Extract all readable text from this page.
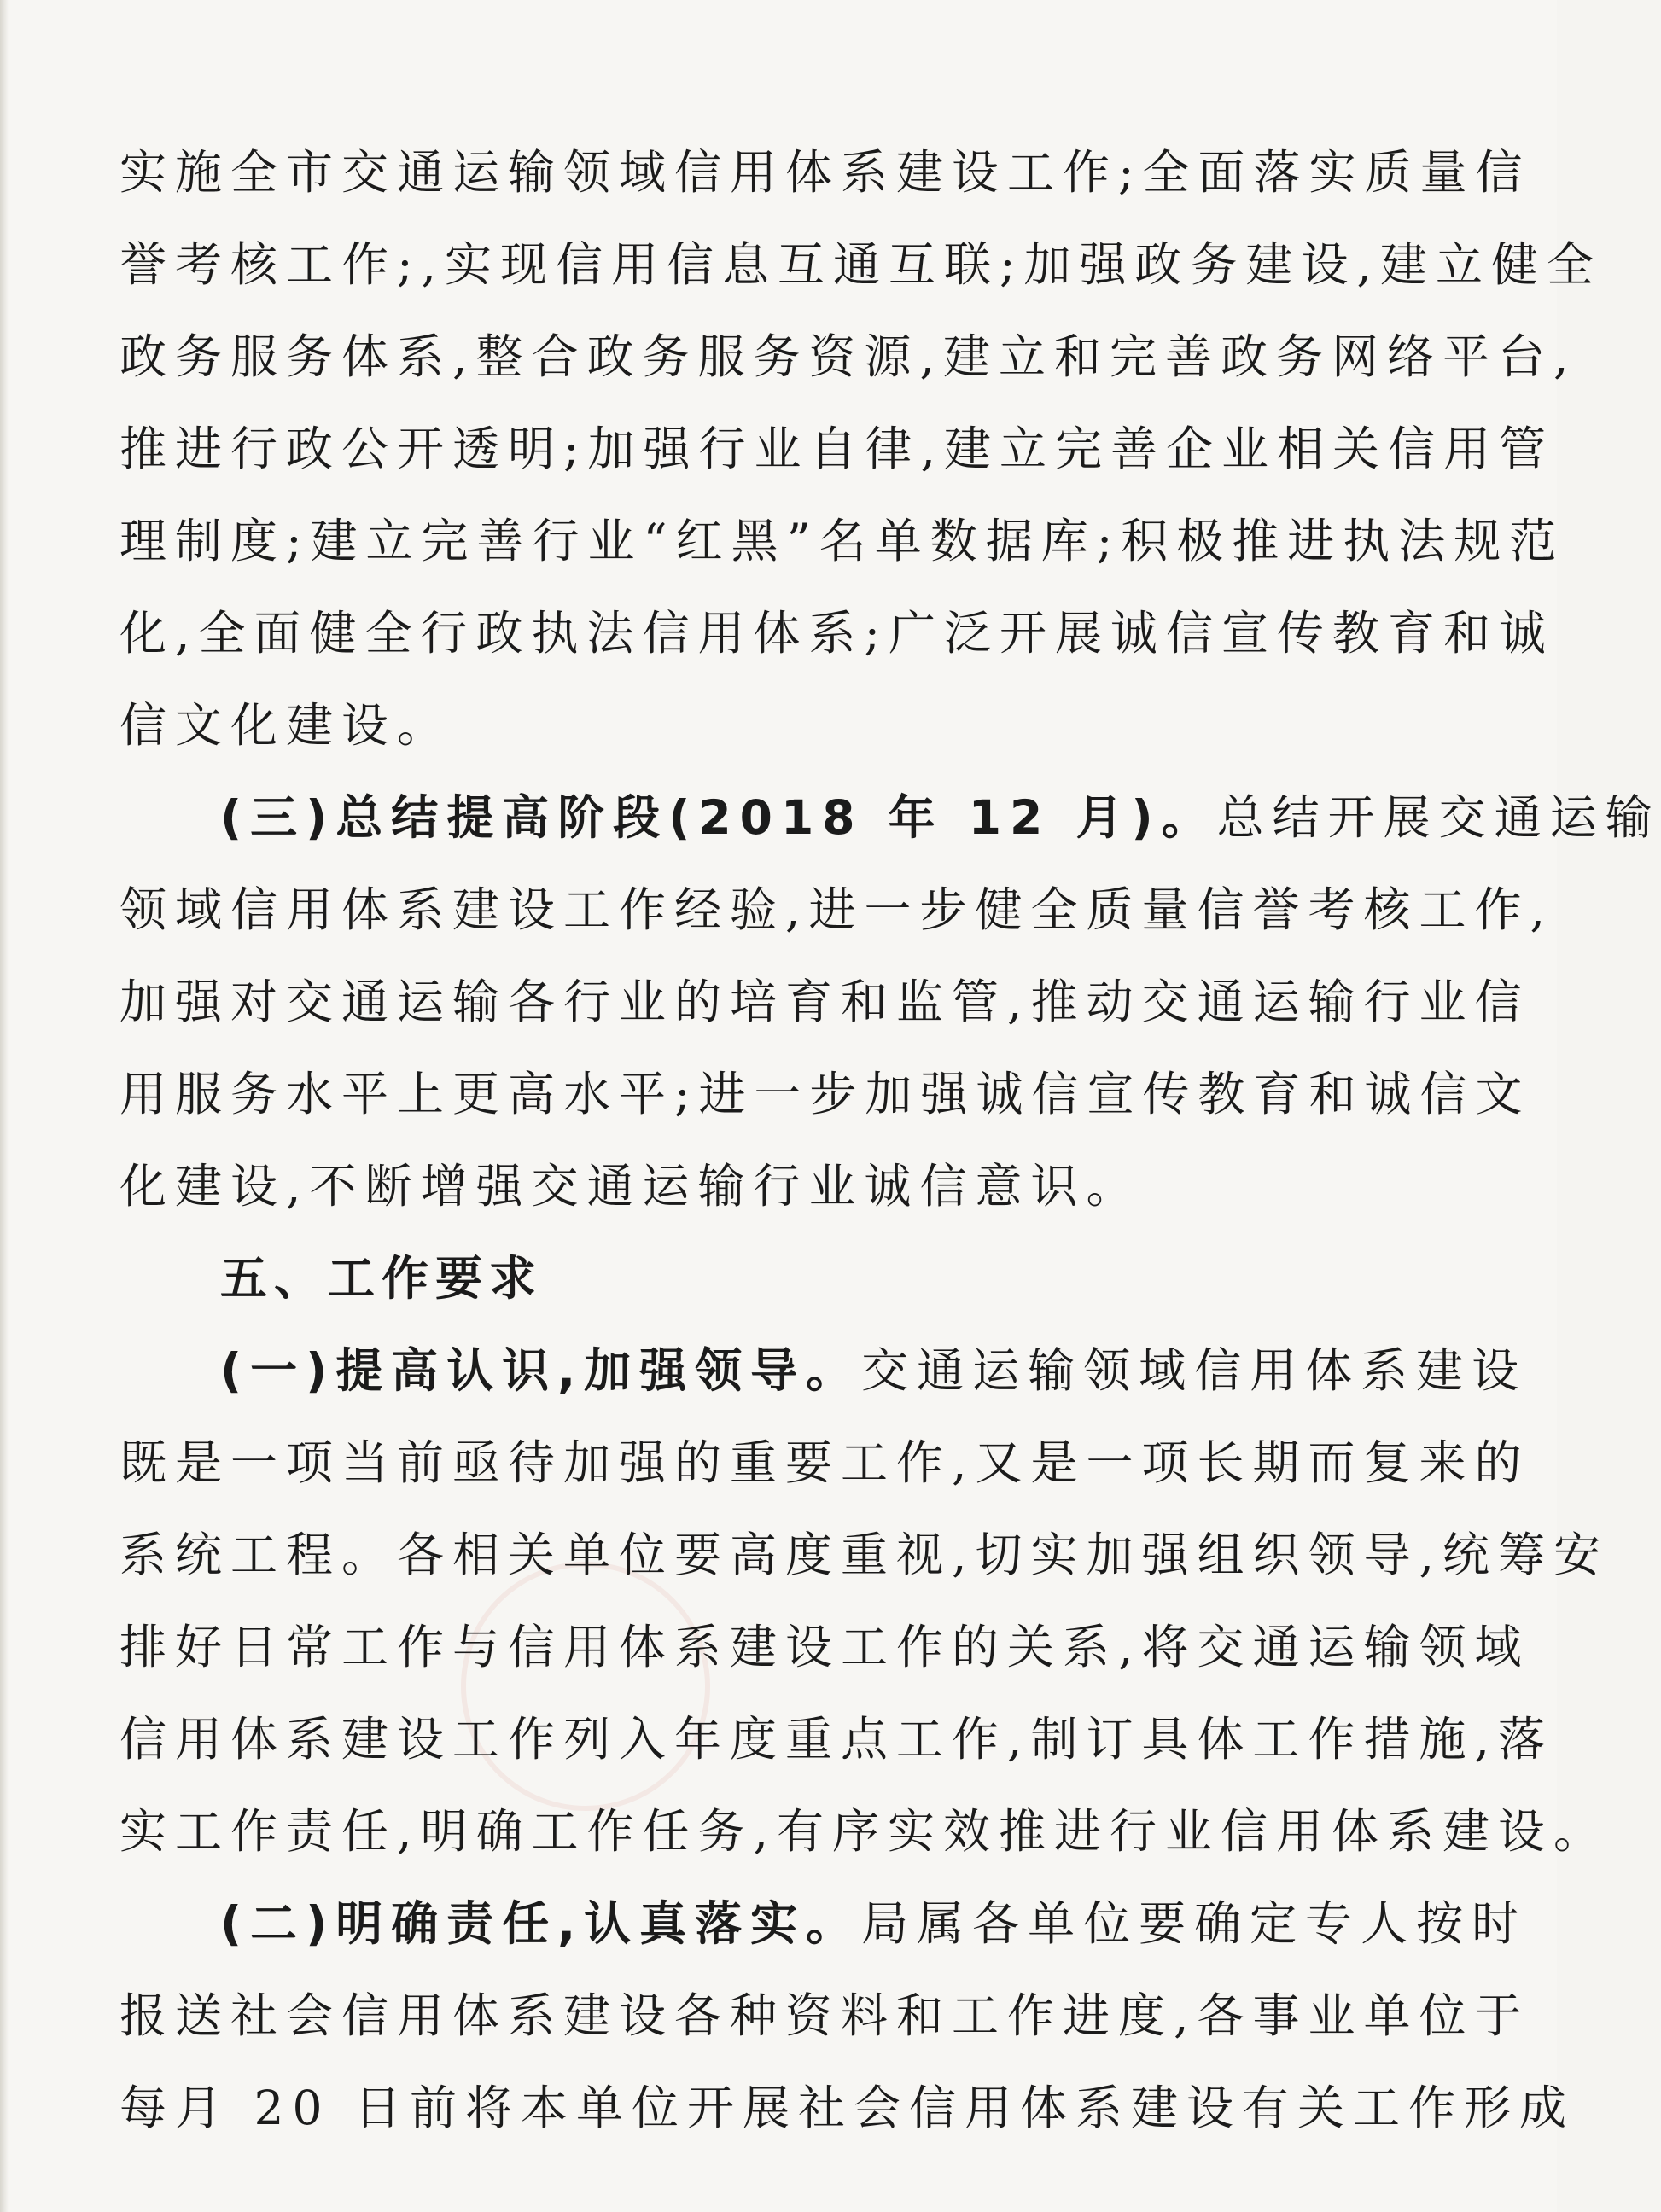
实施全市交通运输领域信用体系建设工作;全面落实质量信
誉考核工作;,实现信用信息互通互联;加强政务建设,建立健全
政务服务体系,整合政务服务资源,建立和完善政务网络平台,
推进行政公开透明;加强行业自律,建立完善企业相关信用管
理制度;建立完善行业“红黑”名单数据库;积极推进执法规范
化,全面健全行政执法信用体系;广泛开展诚信宣传教育和诚
信文化建设。
(三)总结提高阶段(2018 年 12 月)。总结开展交通运输
领域信用体系建设工作经验,进一步健全质量信誉考核工作,
加强对交通运输各行业的培育和监管,推动交通运输行业信
用服务水平上更高水平;进一步加强诚信宣传教育和诚信文
化建设,不断增强交通运输行业诚信意识。
五、工作要求
(一)提高认识,加强领导。交通运输领域信用体系建设
既是一项当前亟待加强的重要工作,又是一项长期而复来的
系统工程。各相关单位要高度重视,切实加强组织领导,统筹安
排好日常工作与信用体系建设工作的关系,将交通运输领域
信用体系建设工作列入年度重点工作,制订具体工作措施,落
实工作责任,明确工作任务,有序实效推进行业信用体系建设。
(二)明确责任,认真落实。局属各单位要确定专人按时
报送社会信用体系建设各种资料和工作进度,各事业单位于
每月 20 日前将本单位开展社会信用体系建设有关工作形成
